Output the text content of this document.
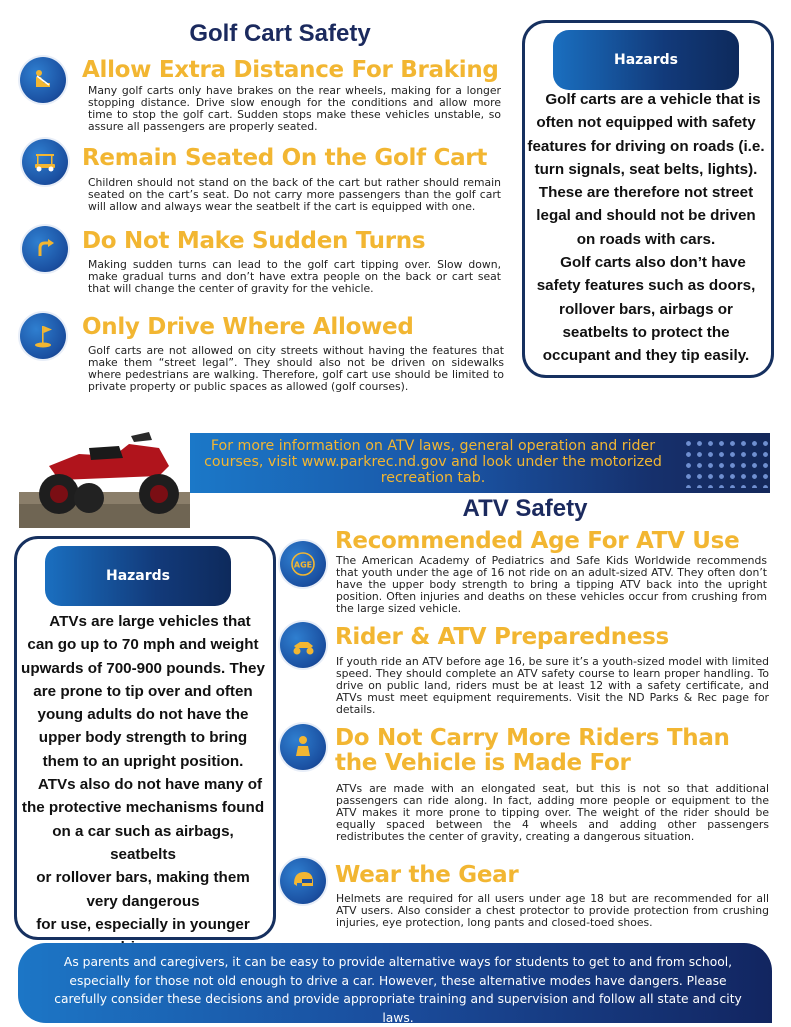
Golf Cart Safety
Allow Extra Distance For Braking
Many golf carts only have brakes on the rear wheels, making for a longer stopping distance. Drive slow enough for the conditions and allow more time to stop the golf cart. Sudden stops make these vehicles unstable, so assure all passengers are properly seated.
Remain Seated On the Golf Cart
Children should not stand on the back of the cart but rather should remain seated on the cart’s seat. Do not carry more passengers than the golf cart will allow and always wear the seatbelt if the cart is equipped with one.
Do Not Make Sudden Turns
Making sudden turns can lead to the golf cart tipping over. Slow down, make gradual turns and don’t have extra people on the back or cart seat that will change the center of gravity for the vehicle.
Only Drive Where Allowed
Golf carts are not allowed on city streets without having the features that make them “street legal”. They should also not be driven on sidewalks where pedestrians are walking. Therefore, golf cart use should be limited to private property or public spaces as allowed (golf courses).
Hazards
Golf carts are a vehicle that is
often not equipped with safety
features for driving on roads (i.e.
turn signals, seat belts, lights).
These are therefore not street
legal and should not be driven
on roads with cars.
Golf carts also don’t have
safety features such as doors,
rollover bars, airbags or
seatbelts to protect the
occupant and they tip easily.
For more information on ATV laws, general operation and rider courses, visit www.parkrec.nd.gov and look under the motorized recreation tab.
ATV Safety
AGE
Recommended Age For ATV Use
The American Academy of Pediatrics and Safe Kids Worldwide recommends that youth under the age of 16 not ride on an adult-sized ATV. They often don’t have the upper body strength to bring a tipping ATV back into the upright position. Often injuries and deaths on these vehicles occur from crushing from the large sized vehicle.
Rider & ATV Preparedness
If youth ride an ATV before age 16, be sure it’s a youth-sized model with limited speed. They should complete an ATV safety course to learn proper handling. To drive on public land, riders must be at least 12 with a safety certificate, and ATVs must meet equipment requirements. Visit the ND Parks & Rec page for details.
Do Not Carry More Riders Than
the Vehicle is Made For
ATVs are made with an elongated seat, but this is not so that additional passengers can ride along. In fact, adding more people or equipment to the ATV makes it more prone to tipping over. The weight of the rider should be equally spaced between the 4 wheels and adding other passengers redistributes the center of gravity, creating a dangerous situation.
Wear the Gear
Helmets are required for all users under age 18 but are recommended for all ATV users. Also consider a chest protector to provide protection from crushing injuries, eye protection, long pants and closed-toed shoes.
Hazards
ATVs are large vehicles that
can go up to 70 mph and weight
upwards of 700-900 pounds. They
are prone to tip over and often
young adults do not have the
upper body strength to bring
them to an upright position.
ATVs also do not have many of
the protective mechanisms found
on a car such as airbags, seatbelts
or rollover bars, making them
very dangerous
for use, especially in younger
As parents and caregivers, it can be easy to provide alternative ways for students to get to and from school, especially for those not old enough to drive a car. However, these alternative modes have dangers. Please carefully consider these decisions and provide appropriate training and supervision and follow all state and city laws.
